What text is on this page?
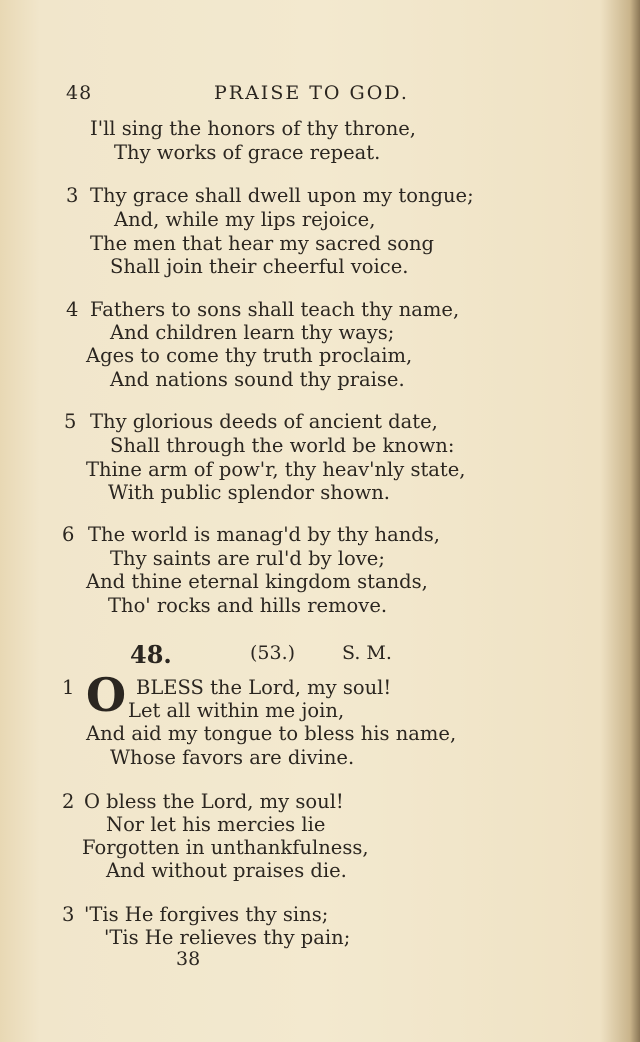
48	PRAISE TO GOD.
I'll sing the honors of thy throne,
Thy works of grace repeat.
3 Thy grace shall dwell upon my tongue;
And, while my lips rejoice,
The men that hear my sacred song
Shall join their cheerful voice.
4 Fathers to sons shall teach thy name,
And children learn thy ways;
Ages to come thy truth proclaim,
And nations sound thy praise.
5 Thy glorious deeds of ancient date,
Shall through the world be known:
Thine arm of pow'r, thy heav'nly state,
With public splendor shown.
6 The world is manag'd by thy hands,
Thy saints are rul'd by love;
And thine eternal kingdom stands,
Tho' rocks and hills remove.
48.	(53.) S. M.
1 O BLESS the Lord, my soul!
Let all within me join,
And aid my tongue to bless his name,
Whose favors are divine.
2 O bless the Lord, my soul!
Nor let his mercies lie
Forgotten in unthankfulness,
And without praises die.
3 'Tis He forgives thy sins;
'Tis He relieves thy pain;
38
